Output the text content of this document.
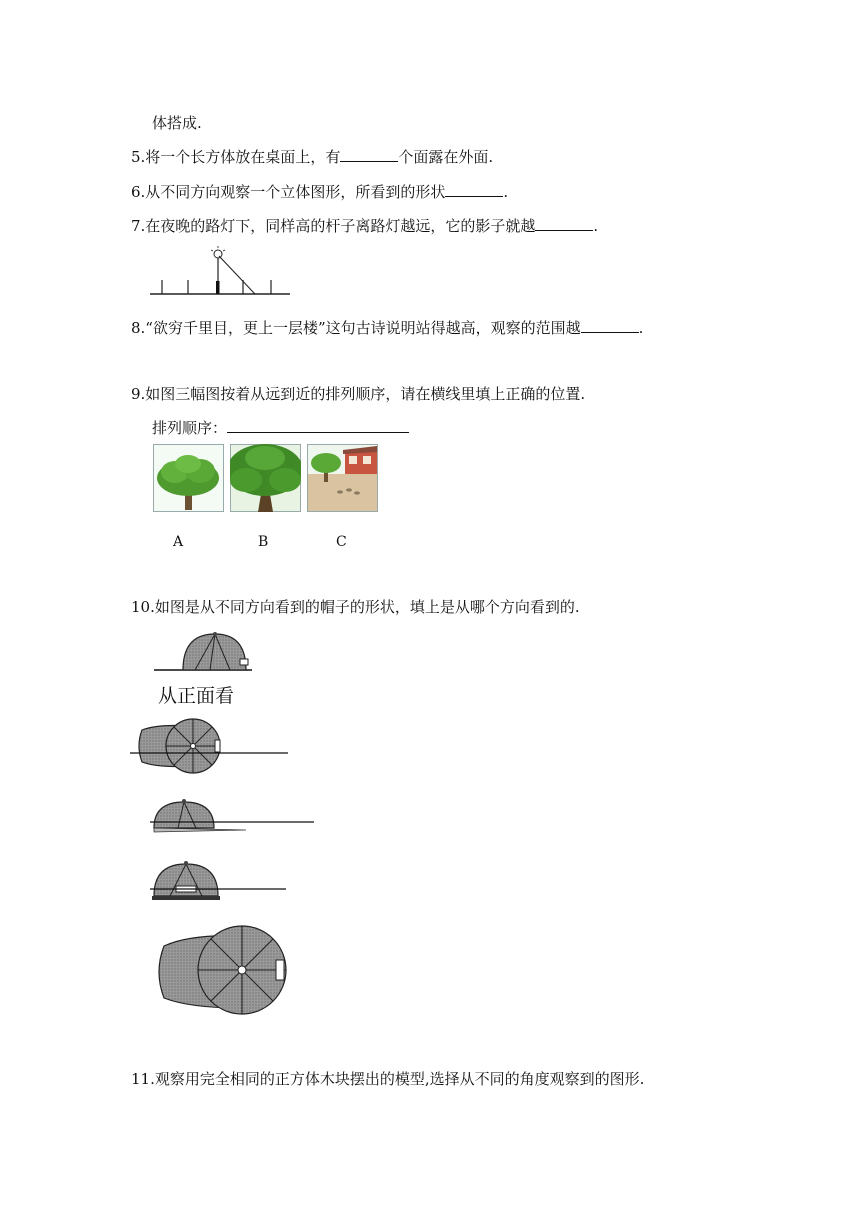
体搭成.
5.将一个长方体放在桌面上，有	个面露在外面.
6.从不同方向观察一个立体图形，所看到的形状	.
7.在夜晚的路灯下，同样高的杆子离路灯越远，它的影子就越	.
8.“欲穷千里目，更上一层楼”这句古诗说明站得越高，观察的范围越	.
9.如图三幅图按着从远到近的排列顺序，请在横线里填上正确的位置.
排列顺序：
A	B	C
10.如图是从不同方向看到的帽子的形状，填上是从哪个方向看到的.
从正面看
11.观察用完全相同的正方体木块摆出的模型,选择从不同的角度观察到的图形.
